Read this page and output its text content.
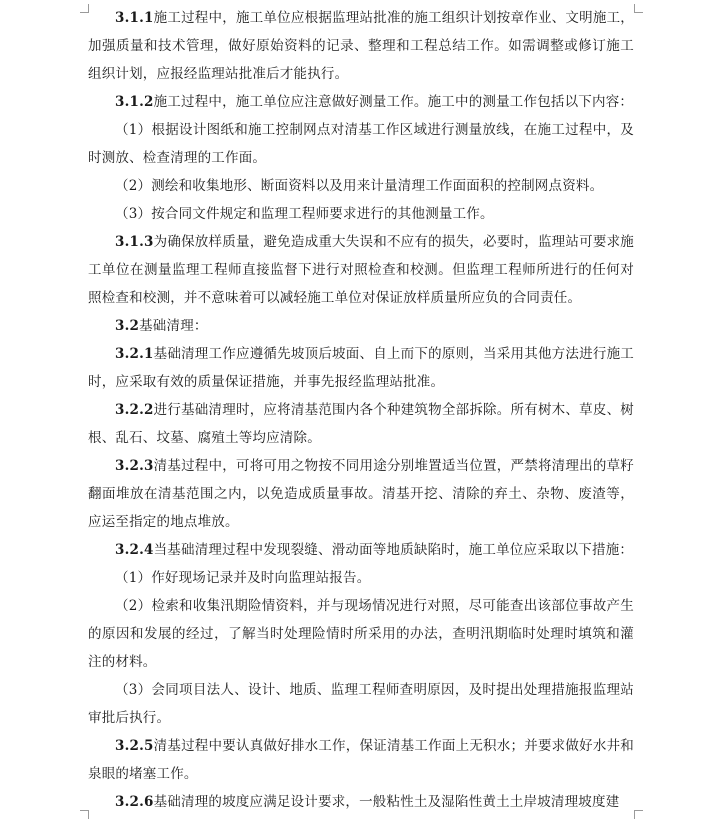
3.1.1施工过程中，施工单位应根据监理站批准的施工组织计划按章作业、文明施工，加强质量和技术管理，做好原始资料的记录、整理和工程总结工作。如需调整或修订施工组织计划，应报经监理站批准后才能执行。

3.1.2施工过程中，施工单位应注意做好测量工作。施工中的测量工作包括以下内容：

（1）根据设计图纸和施工控制网点对清基工作区域进行测量放线，在施工过程中，及时测放、检查清理的工作面。

（2）测绘和收集地形、断面资料以及用来计量清理工作面面积的控制网点资料。

（3）按合同文件规定和监理工程师要求进行的其他测量工作。

3.1.3为确保放样质量，避免造成重大失误和不应有的损失，必要时，监理站可要求施工单位在测量监理工程师直接监督下进行对照检查和校测。但监理工程师所进行的任何对照检查和校测，并不意味着可以减轻施工单位对保证放样质量所应负的合同责任。

3.2基础清理：

3.2.1基础清理工作应遵循先坡顶后坡面、自上而下的原则，当采用其他方法进行施工时，应采取有效的质量保证措施，并事先报经监理站批准。

3.2.2进行基础清理时，应将清基范围内各个种建筑物全部拆除。所有树木、草皮、树根、乱石、坟墓、腐殖土等均应清除。

3.2.3清基过程中，可将可用之物按不同用途分别堆置适当位置，严禁将清理出的草籽翻面堆放在清基范围之内，以免造成质量事故。清基开挖、清除的弃土、杂物、废渣等，应运至指定的地点堆放。

3.2.4当基础清理过程中发现裂缝、滑动面等地质缺陷时，施工单位应采取以下措施：

（1）作好现场记录并及时向监理站报告。

（2）检索和收集汛期险情资料，并与现场情况进行对照，尽可能查出该部位事故产生的原因和发展的经过，了解当时处理险情时所采用的办法，查明汛期临时处理时填筑和灌注的材料。

（3）会同项目法人、设计、地质、监理工程师查明原因，及时提出处理措施报监理站审批后执行。

3.2.5清基过程中要认真做好排水工作，保证清基工作面上无积水；并要求做好水井和泉眼的堵塞工作。

3.2.6基础清理的坡度应满足设计要求，一般粘性土及湿陷性黄土土岸坡清理坡度建
